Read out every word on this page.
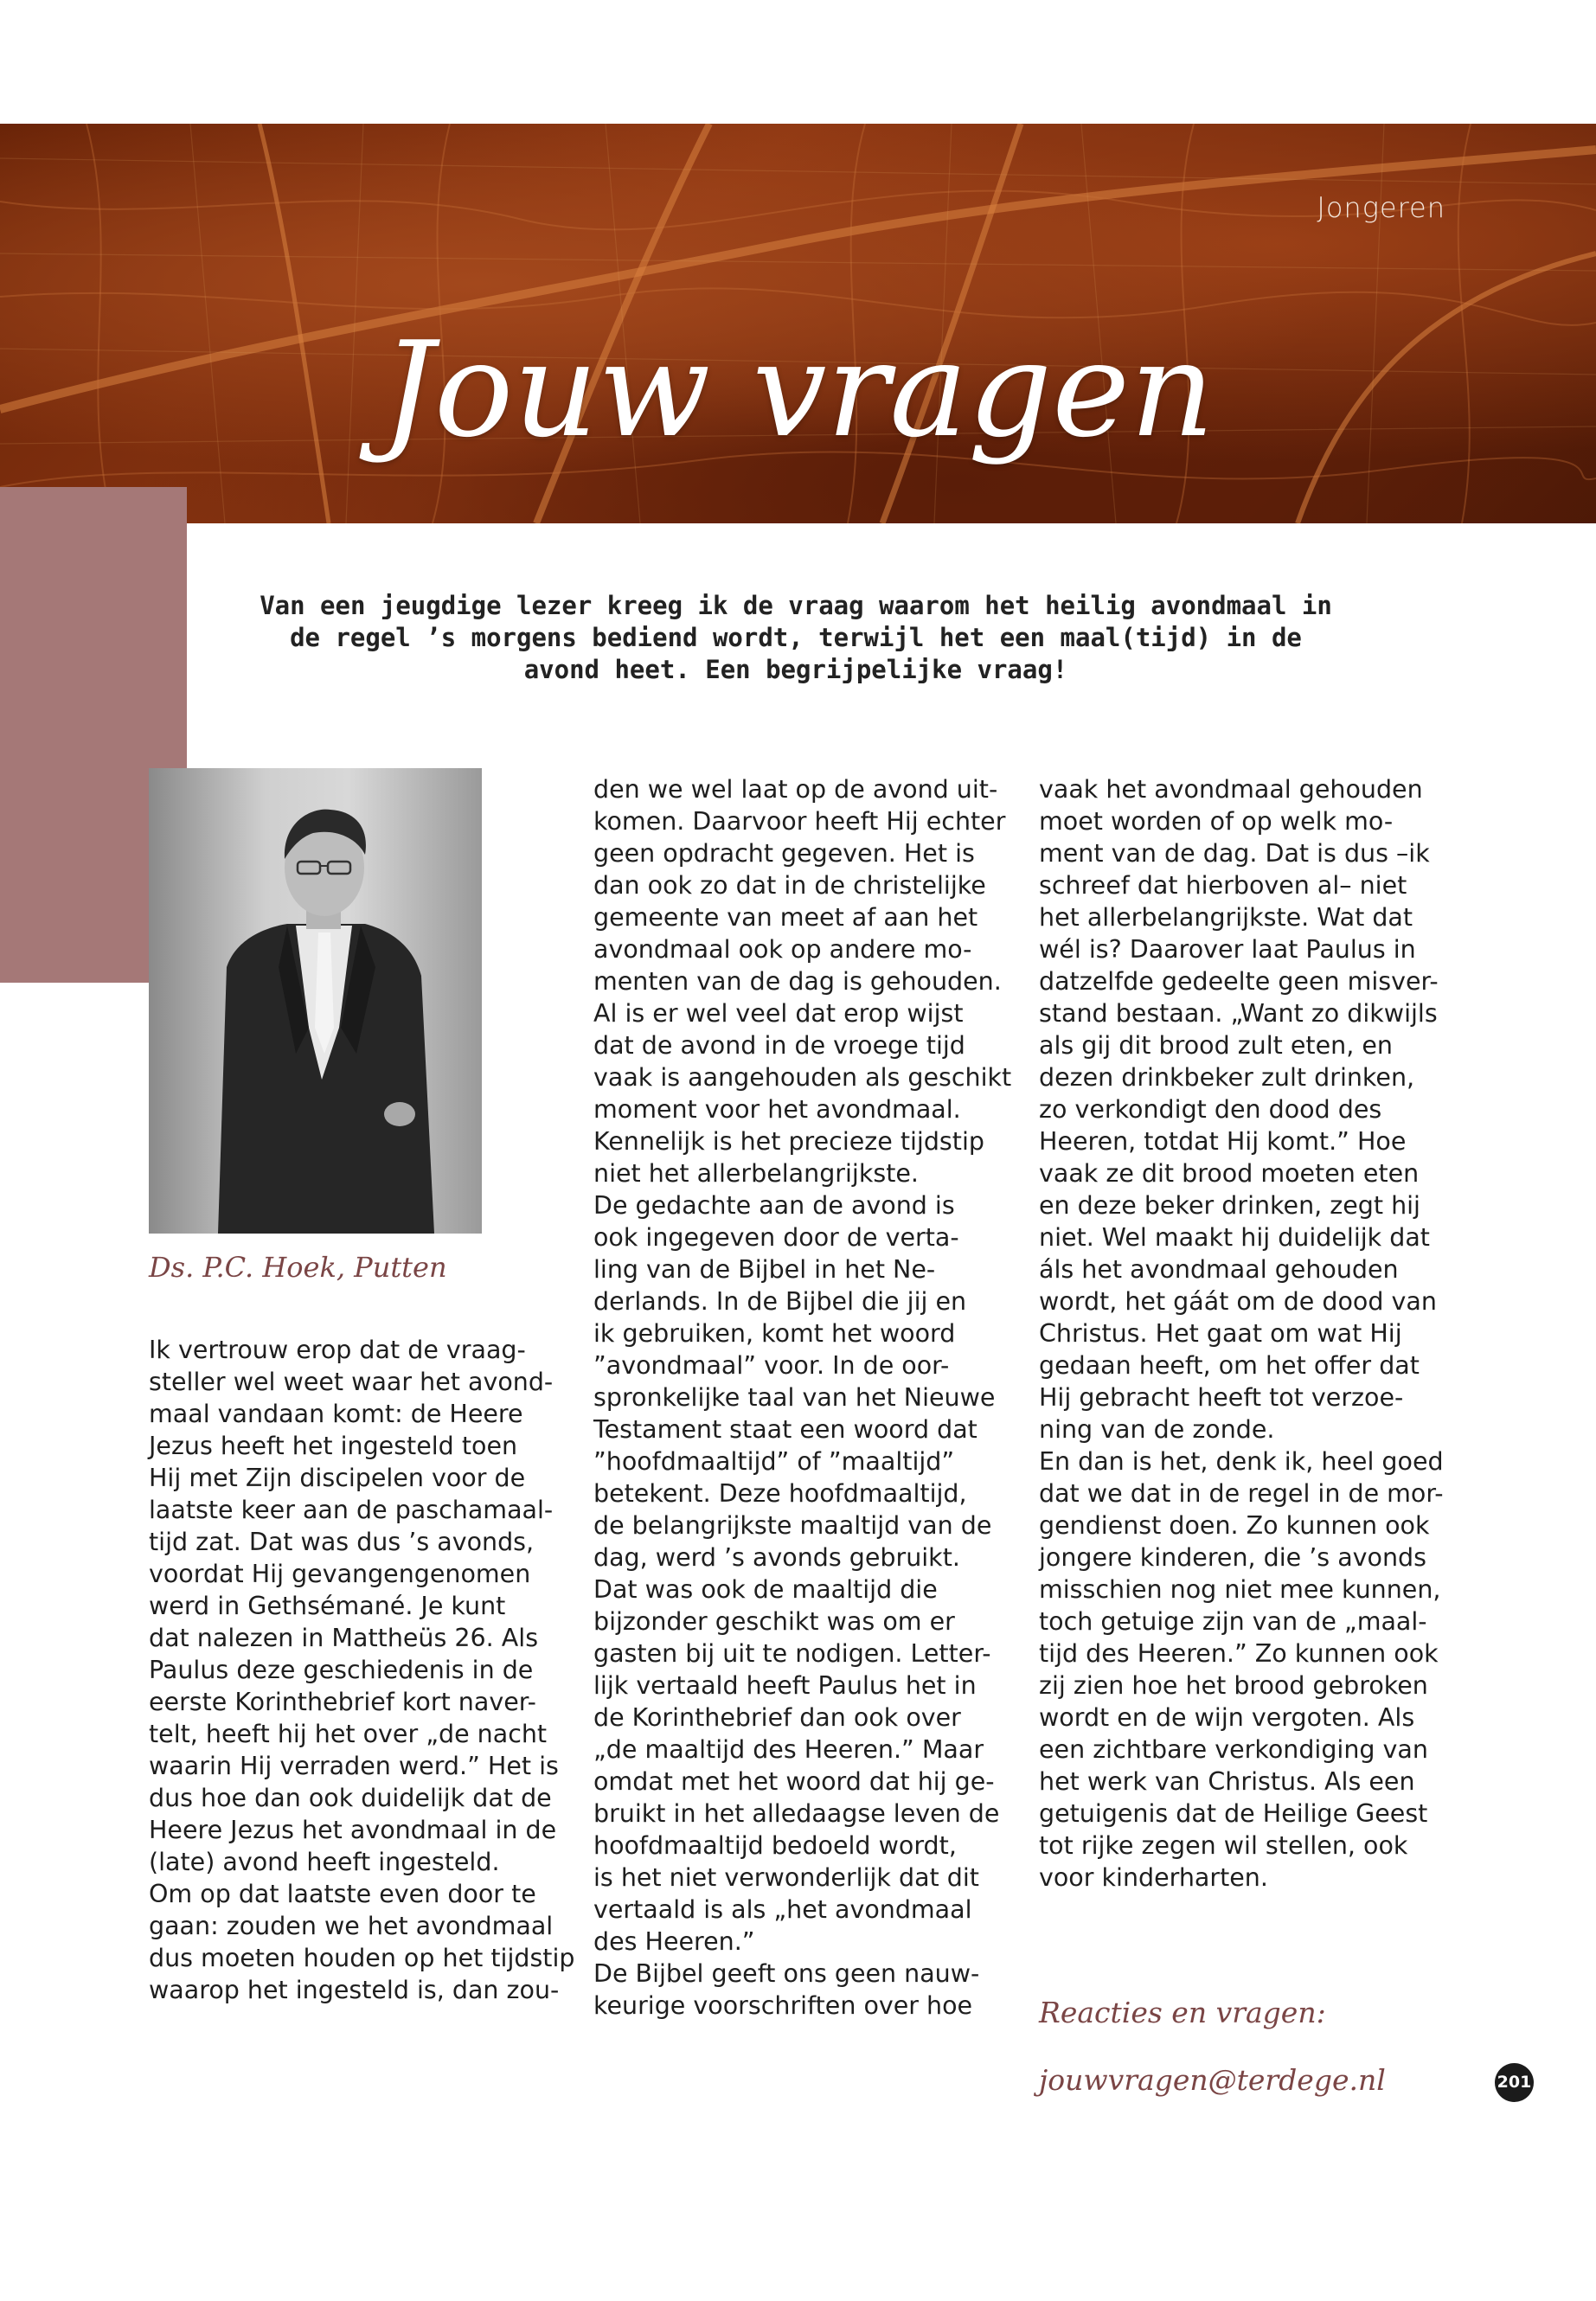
Jongeren

Jouw vragen

Van een jeugdige lezer kreeg ik de vraag waarom het heilig avondmaal in de regel ’s morgens bediend wordt, terwijl het een maal(tijd) in de avond heet. Een begrijpelijke vraag!

Ds. P.C. Hoek, Putten

Ik vertrouw erop dat de vraag-
steller wel weet waar het avond-
maal vandaan komt: de Heere
Jezus heeft het ingesteld toen
Hij met Zijn discipelen voor de
laatste keer aan de paschamaal-
tijd zat. Dat was dus ’s avonds,
voordat Hij gevangengenomen
werd in Gethsémané. Je kunt
dat nalezen in Mattheüs 26. Als
Paulus deze geschiedenis in de
eerste Korinthebrief kort naver-
telt, heeft hij het over „de nacht
waarin Hij verraden werd.” Het is
dus hoe dan ook duidelijk dat de
Heere Jezus het avondmaal in de
(late) avond heeft ingesteld.
Om op dat laatste even door te
gaan: zouden we het avondmaal
dus moeten houden op het tijdstip
waarop het ingesteld is, dan zou-

den we wel laat op de avond uit-
komen. Daarvoor heeft Hij echter
geen opdracht gegeven. Het is
dan ook zo dat in de christelijke
gemeente van meet af aan het
avondmaal ook op andere mo-
menten van de dag is gehouden.
Al is er wel veel dat erop wijst
dat de avond in de vroege tijd
vaak is aangehouden als geschikt
moment voor het avondmaal.
Kennelijk is het precieze tijdstip
niet het allerbelangrijkste.
De gedachte aan de avond is
ook ingegeven door de verta-
ling van de Bijbel in het Ne-
derlands. In de Bijbel die jij en
ik gebruiken, komt het woord
”avondmaal” voor. In de oor-
spronkelijke taal van het Nieuwe
Testament staat een woord dat
”hoofdmaaltijd” of ”maaltijd”
betekent. Deze hoofdmaaltijd,
de belangrijkste maaltijd van de
dag, werd ’s avonds gebruikt.
Dat was ook de maaltijd die
bijzonder geschikt was om er
gasten bij uit te nodigen. Letter-
lijk vertaald heeft Paulus het in
de Korinthebrief dan ook over
„de maaltijd des Heeren.” Maar
omdat met het woord dat hij ge-
bruikt in het alledaagse leven de
hoofdmaaltijd bedoeld wordt,
is het niet verwonderlijk dat dit
vertaald is als „het avondmaal
des Heeren.”
De Bijbel geeft ons geen nauw-
keurige voorschriften over hoe

vaak het avondmaal gehouden
moet worden of op welk mo-
ment van de dag. Dat is dus –ik
schreef dat hierboven al– niet
het allerbelangrijkste. Wat dat
wél is? Daarover laat Paulus in
datzelfde gedeelte geen misver-
stand bestaan. „Want zo dikwijls
als gij dit brood zult eten, en
dezen drinkbeker zult drinken,
zo verkondigt den dood des
Heeren, totdat Hij komt.” Hoe
vaak ze dit brood moeten eten
en deze beker drinken, zegt hij
niet. Wel maakt hij duidelijk dat
áls het avondmaal gehouden
wordt, het gáát om de dood van
Christus. Het gaat om wat Hij
gedaan heeft, om het offer dat
Hij gebracht heeft tot verzoe-
ning van de zonde.
En dan is het, denk ik, heel goed
dat we dat in de regel in de mor-
gendienst doen. Zo kunnen ook
jongere kinderen, die ’s avonds
misschien nog niet mee kunnen,
toch getuige zijn van de „maal-
tijd des Heeren.” Zo kunnen ook
zij zien hoe het brood gebroken
wordt en de wijn vergoten. Als
een zichtbare verkondiging van
het werk van Christus. Als een
getuigenis dat de Heilige Geest
tot rijke zegen wil stellen, ook
voor kinderharten.

Reacties en vragen:

jouwvragen@terdege.nl	201
